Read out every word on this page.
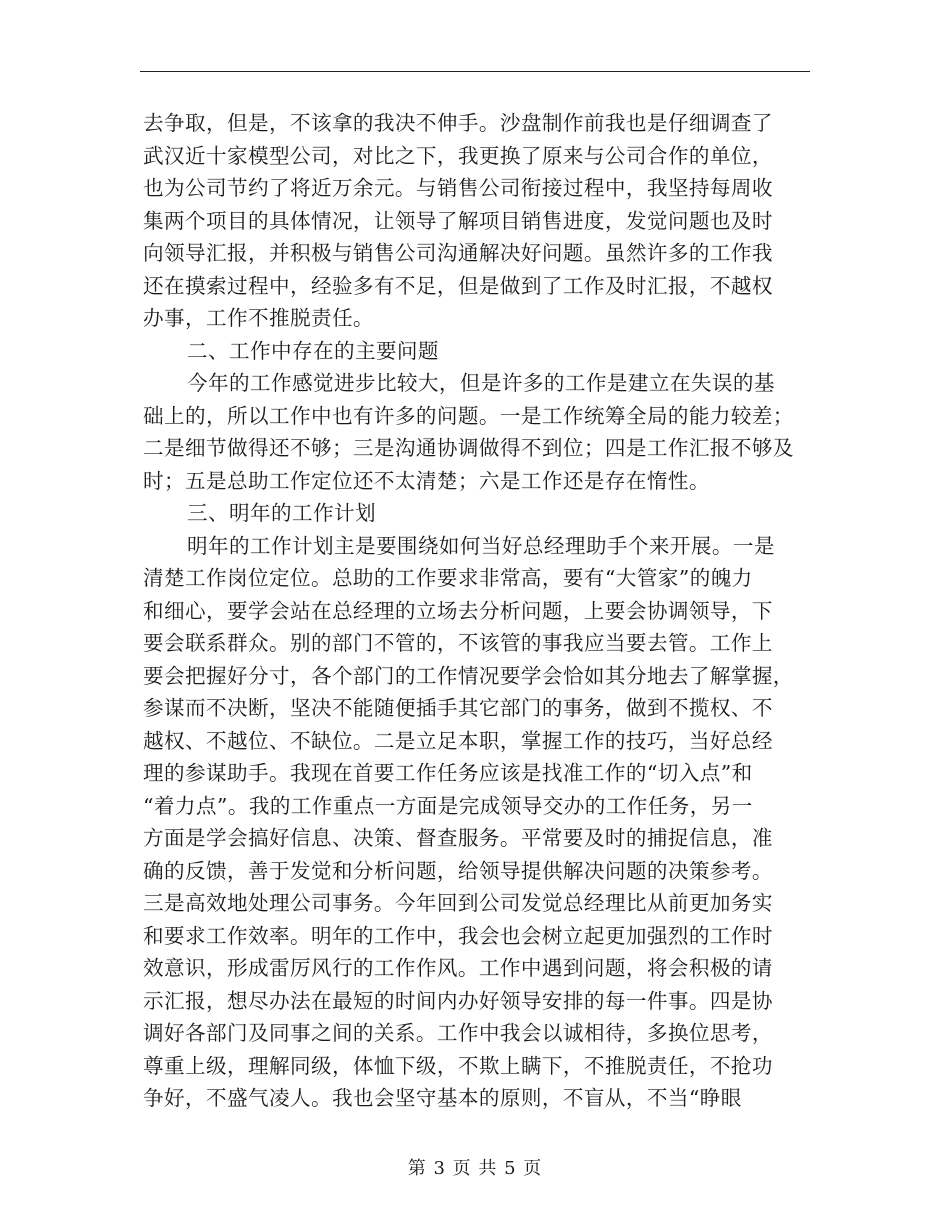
去争取，但是，不该拿的我决不伸手。沙盘制作前我也是仔细调查了
武汉近十家模型公司，对比之下，我更换了原来与公司合作的单位，
也为公司节约了将近万余元。与销售公司衔接过程中，我坚持每周收
集两个项目的具体情况，让领导了解项目销售进度，发觉问题也及时
向领导汇报，并积极与销售公司沟通解决好问题。虽然许多的工作我
还在摸索过程中，经验多有不足，但是做到了工作及时汇报，不越权
办事，工作不推脱责任。
二、工作中存在的主要问题
今年的工作感觉进步比较大，但是许多的工作是建立在失误的基
础上的，所以工作中也有许多的问题。一是工作统筹全局的能力较差；
二是细节做得还不够；三是沟通协调做得不到位；四是工作汇报不够及
时；五是总助工作定位还不太清楚；六是工作还是存在惰性。
三、明年的工作计划
明年的工作计划主是要围绕如何当好总经理助手个来开展。一是
清楚工作岗位定位。总助的工作要求非常高，要有“大管家”的魄力
和细心，要学会站在总经理的立场去分析问题，上要会协调领导，下
要会联系群众。别的部门不管的，不该管的事我应当要去管。工作上
要会把握好分寸，各个部门的工作情况要学会恰如其分地去了解掌握，
参谋而不决断，坚决不能随便插手其它部门的事务，做到不揽权、不
越权、不越位、不缺位。二是立足本职，掌握工作的技巧，当好总经
理的参谋助手。我现在首要工作任务应该是找准工作的“切入点”和
“着力点”。我的工作重点一方面是完成领导交办的工作任务，另一
方面是学会搞好信息、决策、督查服务。平常要及时的捕捉信息，准
确的反馈，善于发觉和分析问题，给领导提供解决问题的决策参考。
三是高效地处理公司事务。今年回到公司发觉总经理比从前更加务实
和要求工作效率。明年的工作中，我会也会树立起更加强烈的工作时
效意识，形成雷厉风行的工作作风。工作中遇到问题，将会积极的请
示汇报，想尽办法在最短的时间内办好领导安排的每一件事。四是协
调好各部门及同事之间的关系。工作中我会以诚相待，多换位思考，
尊重上级，理解同级，体恤下级，不欺上瞒下，不推脱责任，不抢功
争好，不盛气凌人。我也会坚守基本的原则，不盲从，不当“睁眼
第 3 页 共 5 页
